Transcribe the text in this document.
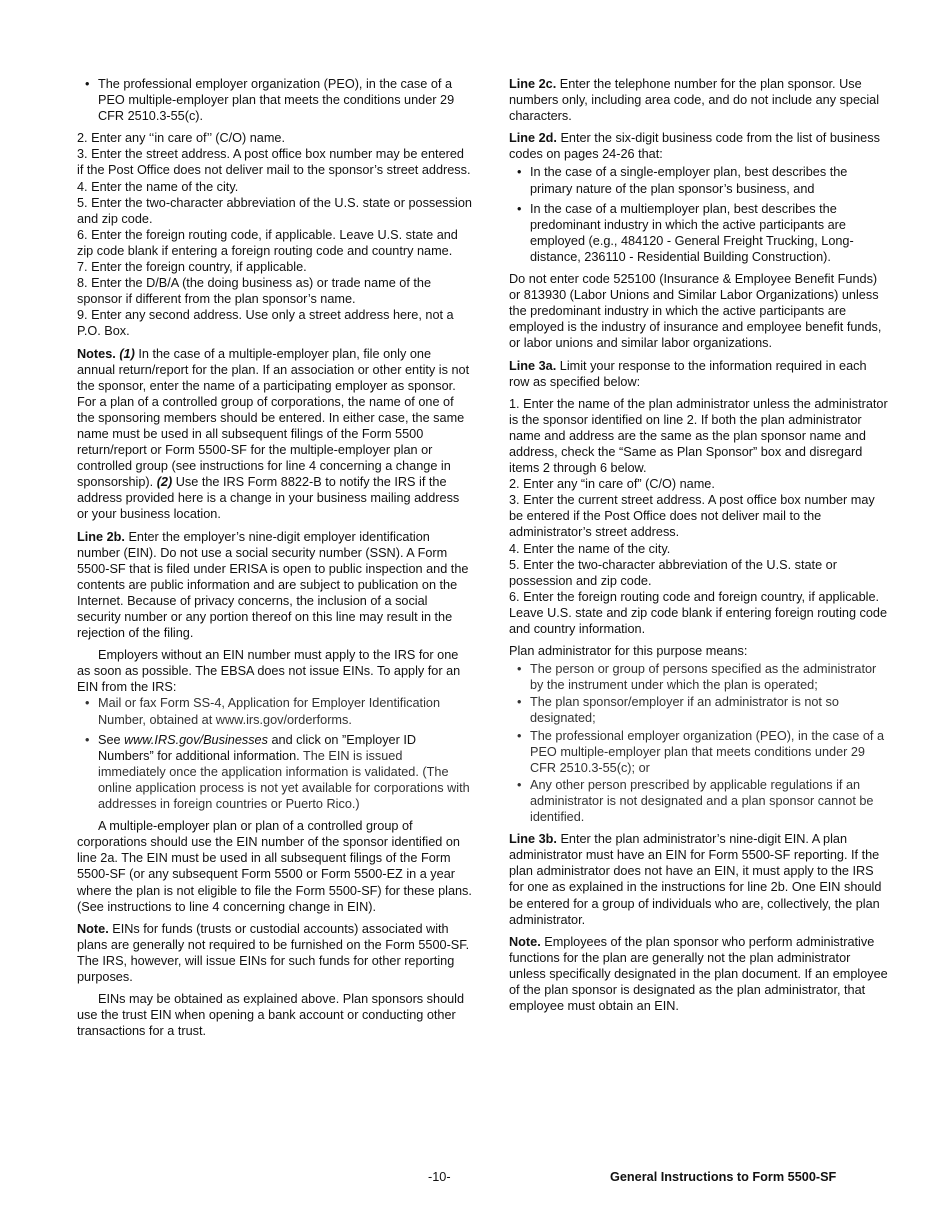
• The professional employer organization (PEO), in the case of a PEO multiple-employer plan that meets the conditions under 29 CFR 2510.3-55(c).

2. Enter any ‘‘in care of’’ (C/O) name.

3. Enter the street address. A post office box number may be entered if the Post Office does not deliver mail to the sponsor’s street address.

4. Enter the name of the city.

5. Enter the two-character abbreviation of the U.S. state or possession and zip code.

6. Enter the foreign routing code, if applicable. Leave U.S. state and zip code blank if entering a foreign routing code and country name.

7. Enter the foreign country, if applicable.

8. Enter the D/B/A (the doing business as) or trade name of the sponsor if different from the plan sponsor’s name.

9. Enter any second address. Use only a street address here, not a P.O. Box.

Notes. (1) In the case of a multiple-employer plan, file only one annual return/report for the plan. If an association or other entity is not the sponsor, enter the name of a participating employer as sponsor. For a plan of a controlled group of corporations, the name of one of the sponsoring members should be entered. In either case, the same name must be used in all subsequent filings of the Form 5500 return/report or Form 5500-SF for the multiple-employer plan or controlled group (see instructions for line 4 concerning a change in sponsorship). (2) Use the IRS Form 8822-B to notify the IRS if the address provided here is a change in your business mailing address or your business location.

Line 2b. Enter the employer’s nine-digit employer identification number (EIN). Do not use a social security number (SSN). A Form 5500-SF that is filed under ERISA is open to public inspection and the contents are public information and are subject to publication on the Internet. Because of privacy concerns, the inclusion of a social security number or any portion thereof on this line may result in the rejection of the filing.

Employers without an EIN number must apply to the IRS for one as soon as possible. The EBSA does not issue EINs. To apply for an EIN from the IRS:

• Mail or fax Form SS-4, Application for Employer Identification Number, obtained at www.irs.gov/orderforms.
• See www.IRS.gov/Businesses and click on ”Employer ID Numbers” for additional information. The EIN is issued immediately once the application information is validated. (The online application process is not yet available for corporations with addresses in foreign countries or Puerto Rico.)

A multiple-employer plan or plan of a controlled group of corporations should use the EIN number of the sponsor identified on line 2a. The EIN must be used in all subsequent filings of the Form 5500-SF (or any subsequent Form 5500 or Form 5500-EZ in a year where the plan is not eligible to file the Form 5500-SF) for these plans. (See instructions to line 4 concerning change in EIN).

Note. EINs for funds (trusts or custodial accounts) associated with plans are generally not required to be furnished on the Form 5500-SF. The IRS, however, will issue EINs for such funds for other reporting purposes.

EINs may be obtained as explained above. Plan sponsors should use the trust EIN when opening a bank account or conducting other transactions for a trust.

Line 2c. Enter the telephone number for the plan sponsor. Use numbers only, including area code, and do not include any special characters.

Line 2d. Enter the six-digit business code from the list of business codes on pages 24-26 that:

• In the case of a single-employer plan, best describes the primary nature of the plan sponsor’s business, and
• In the case of a multiemployer plan, best describes the predominant industry in which the active participants are employed (e.g., 484120 - General Freight Trucking, Long-distance, 236110 - Residential Building Construction).

Do not enter code 525100 (Insurance & Employee Benefit Funds) or 813930 (Labor Unions and Similar Labor Organizations) unless the predominant industry in which the active participants are employed is the industry of insurance and employee benefit funds, or labor unions and similar labor organizations.

Line 3a. Limit your response to the information required in each row as specified below:

1. Enter the name of the plan administrator unless the administrator is the sponsor identified on line 2. If both the plan administrator name and address are the same as the plan sponsor name and address, check the “Same as Plan Sponsor” box and disregard items 2 through 6 below.

2. Enter any “in care of” (C/O) name.

3. Enter the current street address. A post office box number may be entered if the Post Office does not deliver mail to the administrator’s street address.

4. Enter the name of the city.

5. Enter the two-character abbreviation of the U.S. state or possession and zip code.

6. Enter the foreign routing code and foreign country, if applicable. Leave U.S. state and zip code blank if entering foreign routing code and country information.

Plan administrator for this purpose means:

• The person or group of persons specified as the administrator by the instrument under which the plan is operated;
• The plan sponsor/employer if an administrator is not so designated;
• The professional employer organization (PEO), in the case of a PEO multiple-employer plan that meets conditions under 29 CFR 2510.3-55(c); or
• Any other person prescribed by applicable regulations if an administrator is not designated and a plan sponsor cannot be identified.

Line 3b. Enter the plan administrator’s nine-digit EIN. A plan administrator must have an EIN for Form 5500-SF reporting. If the plan administrator does not have an EIN, it must apply to the IRS for one as explained in the instructions for line 2b. One EIN should be entered for a group of individuals who are, collectively, the plan administrator.

Note. Employees of the plan sponsor who perform administrative functions for the plan are generally not the plan administrator unless specifically designated in the plan document. If an employee of the plan sponsor is designated as the plan administrator, that employee must obtain an EIN.

-10-	General Instructions to Form 5500-SF
